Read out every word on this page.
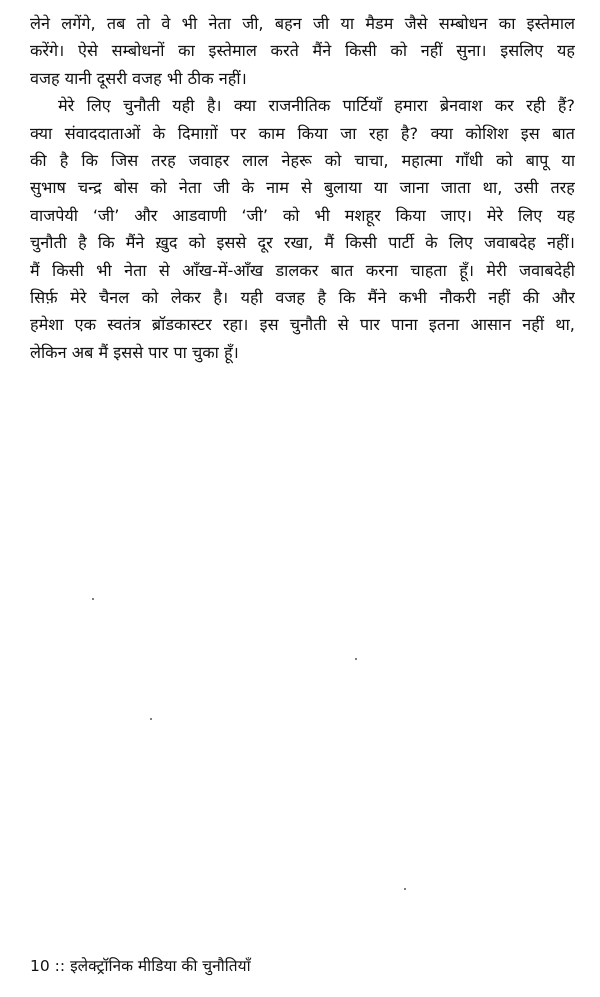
लेने लगेंगे, तब तो वे भी नेता जी, बहन जी या मैडम जैसे सम्बोधन का इस्तेमाल
करेंगे। ऐसे सम्बोधनों का इस्तेमाल करते मैंने किसी को नहीं सुना। इसलिए यह
वजह यानी दूसरी वजह भी ठीक नहीं।
मेरे लिए चुनौती यही है। क्या राजनीतिक पार्टियाँ हमारा ब्रेनवाश कर रही हैं?
क्या संवाददाताओं के दिमाग़ों पर काम किया जा रहा है? क्या कोशिश इस बात
की है कि जिस तरह जवाहर लाल नेहरू को चाचा, महात्मा गाँधी को बापू या
सुभाष चन्द्र बोस को नेता जी के नाम से बुलाया या जाना जाता था, उसी तरह
वाजपेयी ‘जी’ और आडवाणी ‘जी’ को भी मशहूर किया जाए। मेरे लिए यह
चुनौती है कि मैंने ख़ुद को इससे दूर रखा, मैं किसी पार्टी के लिए जवाबदेह नहीं।
मैं किसी भी नेता से आँख-में-आँख डालकर बात करना चाहता हूँ। मेरी जवाबदेही
सिर्फ़ मेरे चैनल को लेकर है। यही वजह है कि मैंने कभी नौकरी नहीं की और
हमेशा एक स्वतंत्र ब्रॉडकास्टर रहा। इस चुनौती से पार पाना इतना आसान नहीं था,
लेकिन अब मैं इससे पार पा चुका हूँ।
10 :: इलेक्ट्रॉनिक मीडिया की चुनौतियाँ
